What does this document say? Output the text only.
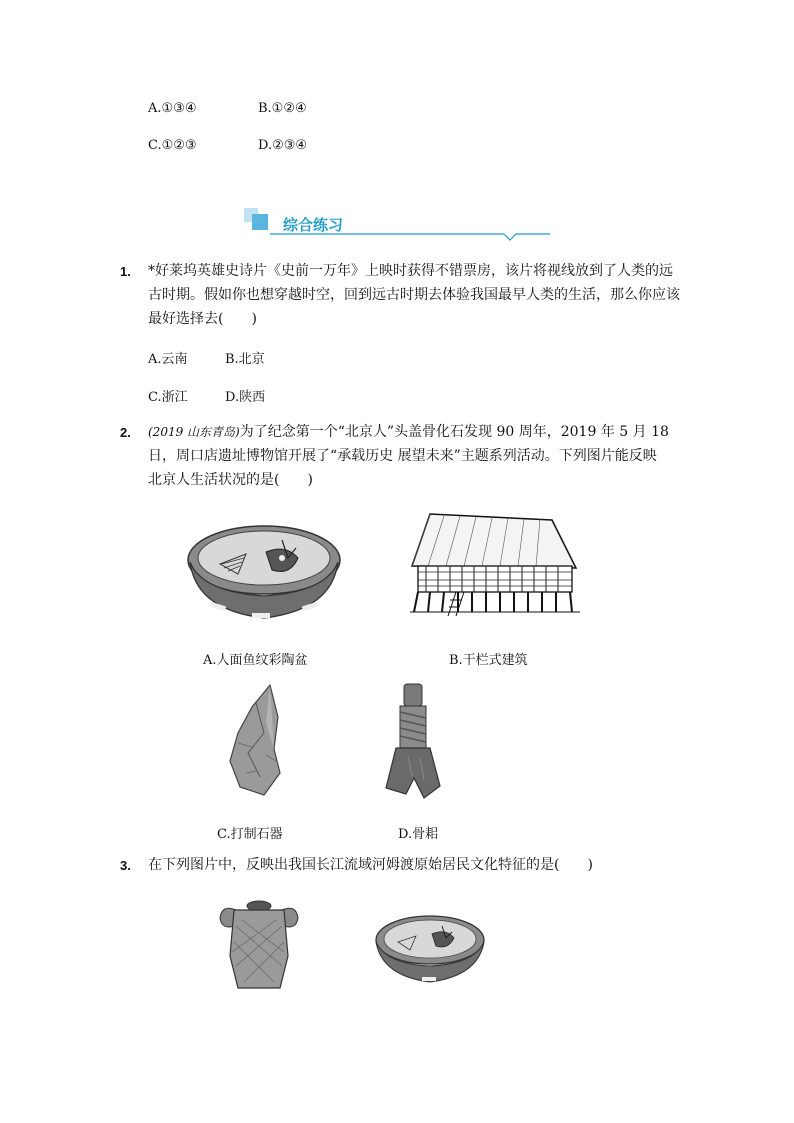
A.①③④	B.①②④
C.①②③	D.②③④
综合练习
1. *好莱坞英雄史诗片《史前一万年》上映时获得不错票房，该片将视线放到了人类的远
古时期。假如你也想穿越时空，回到远古时期去体验我国最早人类的生活，那么你应该
最好选择去(　　)
A.云南	B.北京
C.浙江	D.陕西
2. (2019 山东青岛)为了纪念第一个“北京人”头盖骨化石发现 90 周年，2019 年 5 月 18
日，周口店遗址博物馆开展了“承载历史 展望未来”主题系列活动。下列图片能反映
北京人生活状况的是(　　)
A.人面鱼纹彩陶盆	B.干栏式建筑
C.打制石器	D.骨耜
3. 在下列图片中，反映出我国长江流域河姆渡原始居民文化特征的是(　　)
